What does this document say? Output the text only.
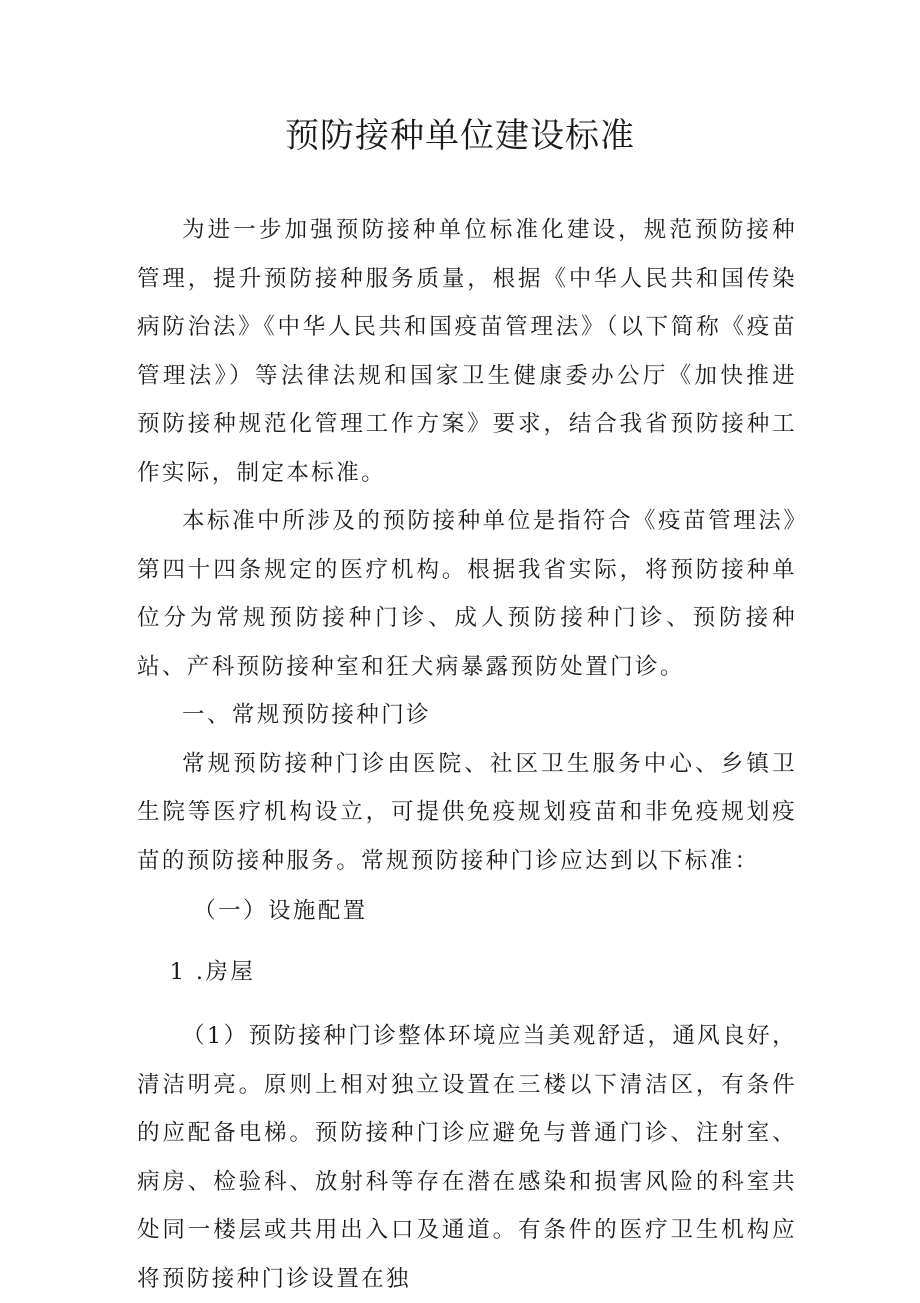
预防接种单位建设标准

为进一步加强预防接种单位标准化建设，规范预防接种管理，提升预防接种服务质量，根据《中华人民共和国传染病防治法》《中华人民共和国疫苗管理法》（以下简称《疫苗管理法》）等法律法规和国家卫生健康委办公厅《加快推进预防接种规范化管理工作方案》要求，结合我省预防接种工作实际，制定本标准。

本标准中所涉及的预防接种单位是指符合《疫苗管理法》第四十四条规定的医疗机构。根据我省实际，将预防接种单位分为常规预防接种门诊、成人预防接种门诊、预防接种站、产科预防接种室和狂犬病暴露预防处置门诊。

一、常规预防接种门诊

常规预防接种门诊由医院、社区卫生服务中心、乡镇卫生院等医疗机构设立，可提供免疫规划疫苗和非免疫规划疫苗的预防接种服务。常规预防接种门诊应达到以下标准：

（一）设施配置

1 .房屋

（1）预防接种门诊整体环境应当美观舒适，通风良好，清洁明亮。原则上相对独立设置在三楼以下清洁区，有条件的应配备电梯。预防接种门诊应避免与普通门诊、注射室、病房、检验科、放射科等存在潜在感染和损害风险的科室共处同一楼层或共用出入口及通道。有条件的医疗卫生机构应将预防接种门诊设置在独
